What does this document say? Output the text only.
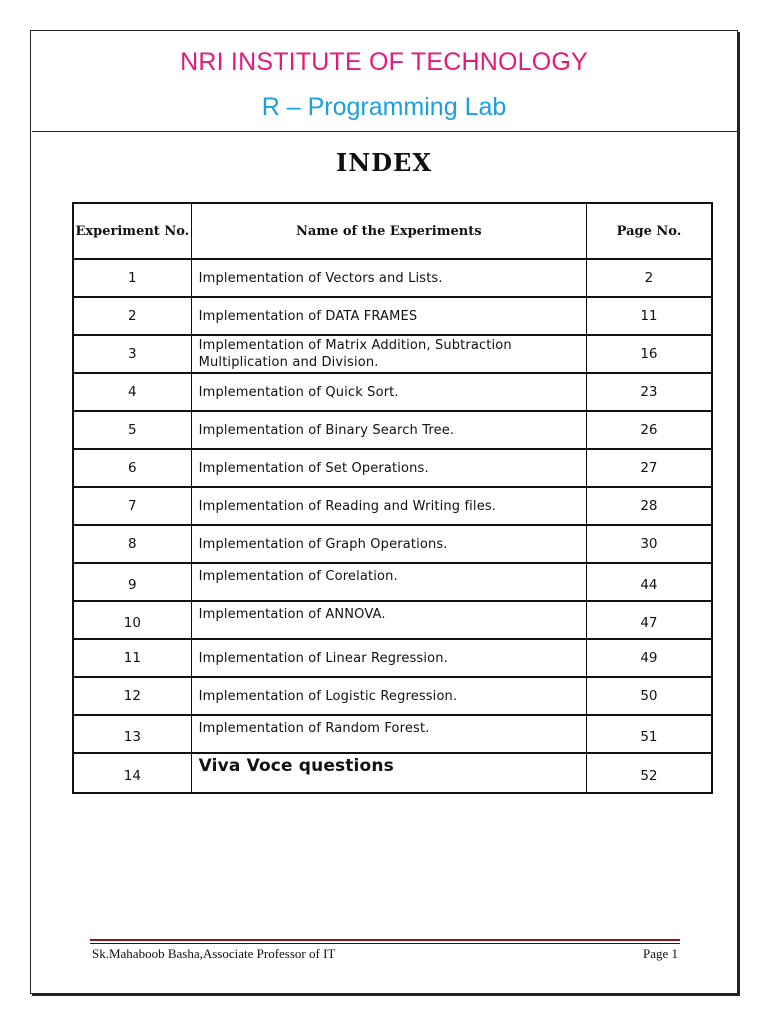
NRI INSTITUTE OF TECHNOLOGY
R – Programming Lab
INDEX
Experiment No.	Name of the Experiments	Page No.
1	Implementation of Vectors and Lists.	2
2	Implementation of DATA FRAMES	11
3	Implementation of Matrix Addition, Subtraction Multiplication and Division.	16
4	Implementation of Quick Sort.	23
5	Implementation of Binary Search Tree.	26
6	Implementation of Set Operations.	27
7	Implementation of Reading and Writing files.	28
8	Implementation of Graph Operations.	30
9	Implementation of Corelation.	44
10	Implementation of ANNOVA.	47
11	Implementation of Linear Regression.	49
12	Implementation of Logistic Regression.	50
13	Implementation of Random Forest.	51
14	Viva Voce questions	52
Sk.Mahaboob Basha,Associate Professor of IT	Page 1
